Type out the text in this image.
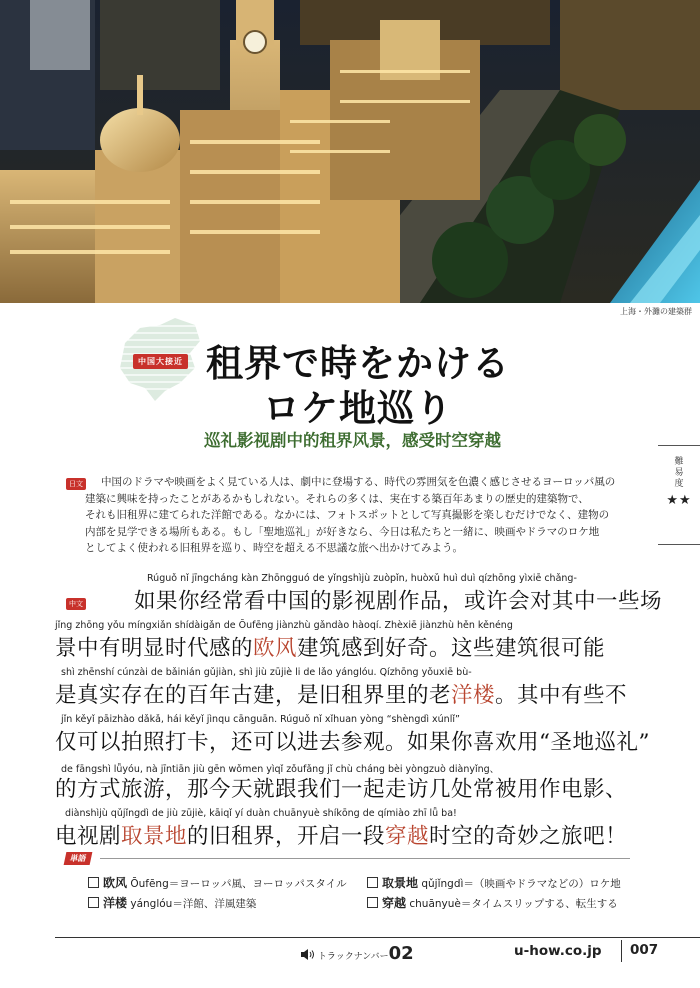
上海・外灘の建築群
中国大接近 租界で時をかける
ロケ地巡り
巡礼影视剧中的租界风景，感受时空穿越
難易度
★★
日文	中国のドラマや映画をよく見ている人は、劇中に登場する、時代の雰囲気を色濃く感じさせるヨーロッパ風の
建築に興味を持ったことがあるかもしれない。それらの多くは、実在する築百年あまりの歴史的建築物で、
それも旧租界に建てられた洋館である。なかには、フォトスポットとして写真撮影を楽しむだけでなく、建物の
内部を見学できる場所もある。もし「聖地巡礼」が好きなら、今日は私たちと一緒に、映画やドラマのロケ地
としてよく使われる旧租界を巡り、時空を超える不思議な旅へ出かけてみよう。
中文
Rúguǒ nǐ jīngcháng kàn Zhōngguó de yǐngshìjù zuòpǐn, huòxǔ huì duì qízhōng yìxiē chǎng-
如果你经常看中国的影视剧作品，或许会对其中一些场
jǐng zhōng yǒu míngxiǎn shídàigǎn de Ōufēng jiànzhù gǎndào hàoqí. Zhèxiē jiànzhù hěn kěnéng
景中有明显时代感的欧风建筑感到好奇。这些建筑很可能
shì zhēnshí cúnzài de bǎinián gǔjiàn, shì jiù zūjiè li de lǎo yánglóu. Qízhōng yǒuxiē bù-
是真实存在的百年古建，是旧租界里的老洋楼。其中有些不
jǐn kěyǐ pāizhào dǎkǎ, hái kěyǐ jìnqu cānguān. Rúguǒ nǐ xǐhuan yòng “shèngdì xúnlǐ”
仅可以拍照打卡，还可以进去参观。如果你喜欢用“圣地巡礼”
de fāngshì lǚyóu, nà jīntiān jiù gēn wǒmen yìqǐ zǒufǎng jǐ chù cháng bèi yòngzuò diànyǐng、
的方式旅游，那今天就跟我们一起走访几处常被用作电影、
diànshìjù qǔjǐngdì de jiù zūjiè, kāiqǐ yí duàn chuānyuè shíkōng de qímiào zhī lǚ ba!
电视剧取景地的旧租界，开启一段穿越时空的奇妙之旅吧！
単語
欧风 Ōufēng＝ヨーロッパ風、ヨーロッパスタイル	取景地 qǔjǐngdì＝（映画やドラマなどの）ロケ地
洋楼 yánglóu＝洋館、洋風建築	穿越 chuānyuè＝タイムスリップする、転生する
トラックナンバー02	u-how.co.jp 007
